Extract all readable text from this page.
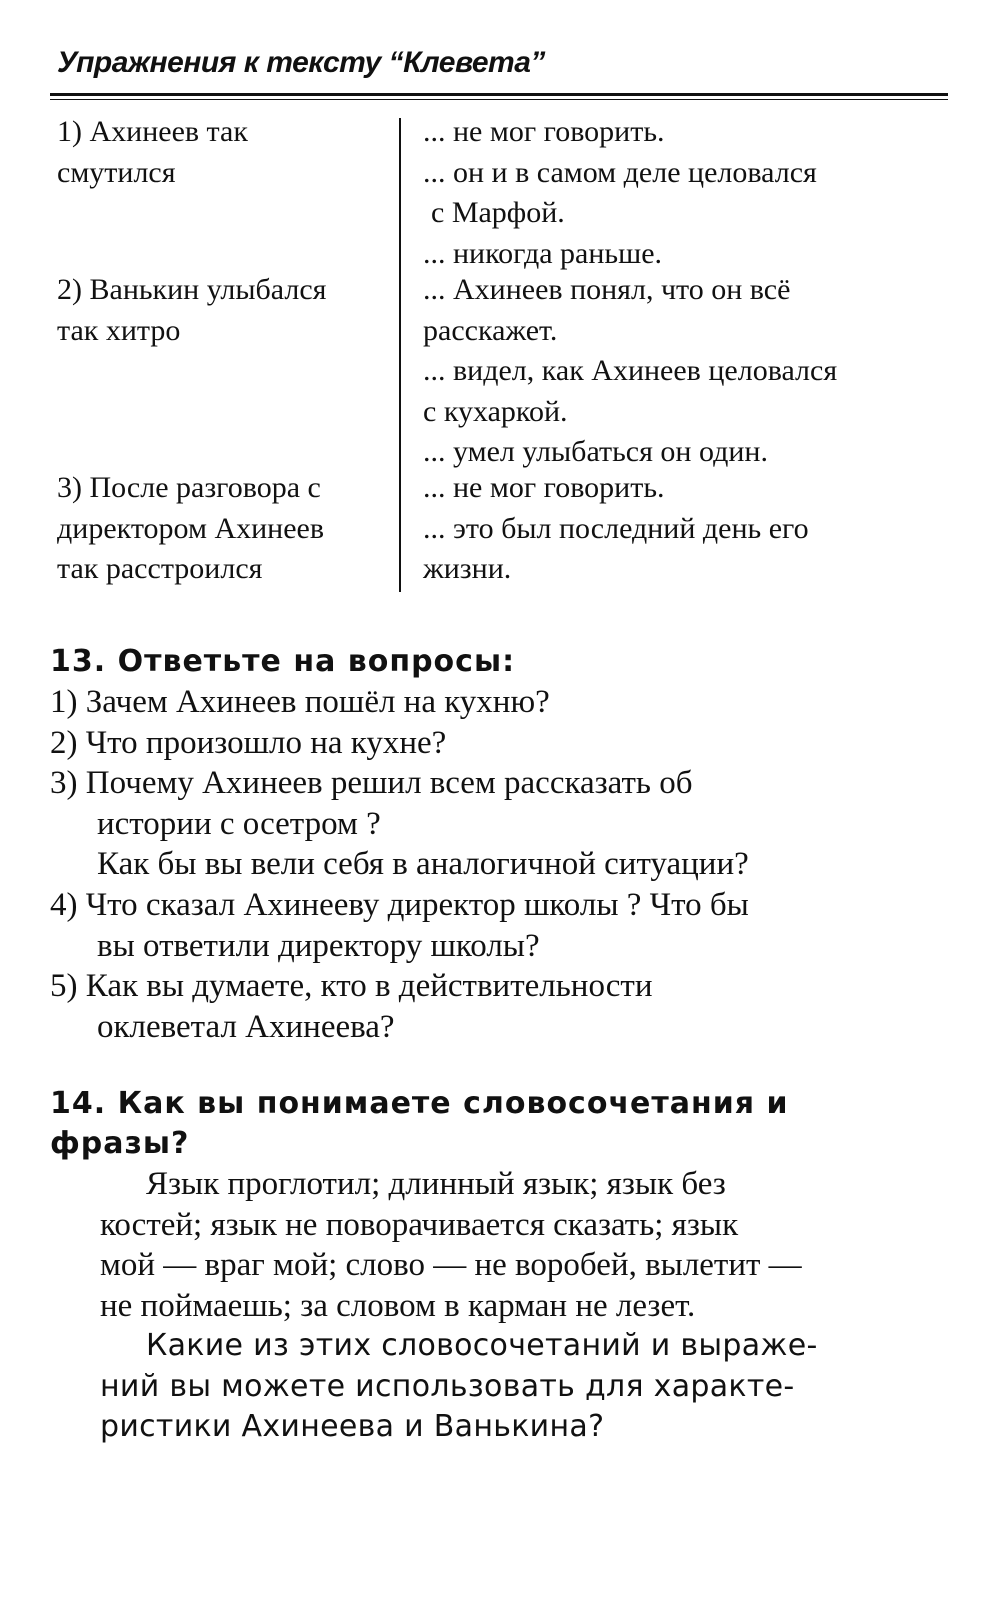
Упражнения к тексту “Клевета”

1) Ахинеев так
смутился

... не мог говорить.
... он и в самом деле целовался
с Марфой.
... никогда раньше.

2) Ванькин улыбался
так хитро

... Ахинеев понял, что он всё
расскажет.
... видел, как Ахинеев целовался
с кухаркой.
... умел улыбаться он один.

3) После разговора с
директором Ахинеев
так расстроился

... не мог говорить.
... это был последний день его
жизни.

13. Ответьте на вопросы:
1) Зачем Ахинеев пошёл на кухню?
2) Что произошло на кухне?
3) Почему Ахинеев решил всем рассказать об
истории с осетром ?
Как бы вы вели себя в аналогичной ситуации?
4) Что сказал Ахинееву директор школы ? Что бы
вы ответили директору школы?
5) Как вы думаете, кто в действительности
оклеветал Ахинеева?
14. Как вы понимаете словосочетания и
фразы?

Язык проглотил; длинный язык; язык без
костей; язык не поворачивается сказать; язык
мой — враг мой; слово — не воробей, вылетит —
не поймаешь; за словом в карман не лезет.

Какие из этих словосочетаний и выраже-
ний вы можете использовать для характе-
ристики Ахинеева и Ванькина?
